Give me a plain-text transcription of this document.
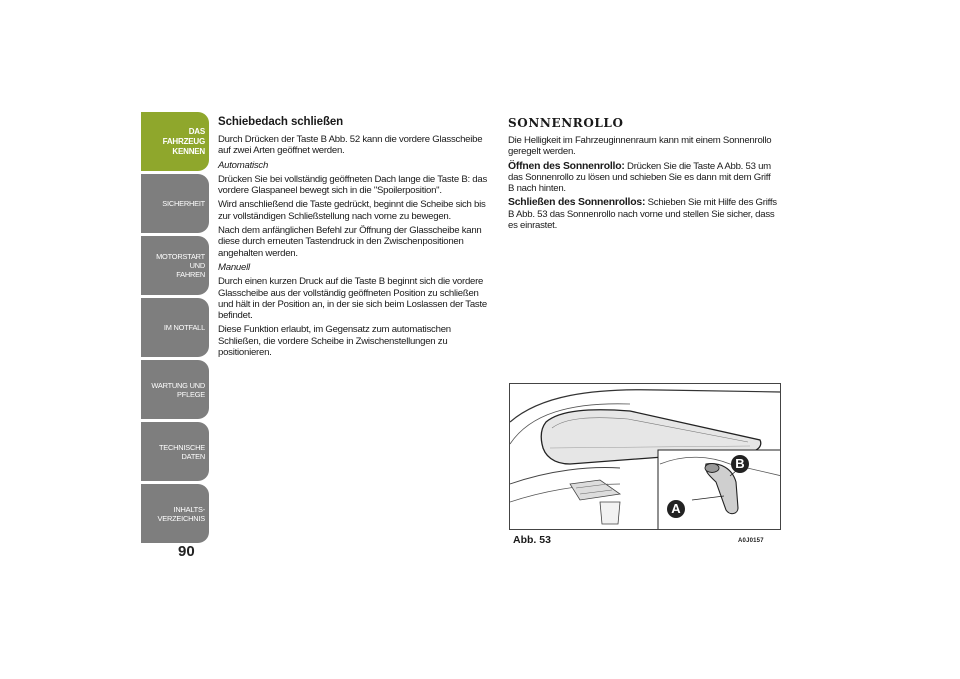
DAS FAHRZEUG
KENNEN
SICHERHEIT
MOTORSTART UND
FAHREN
IM NOTFALL
WARTUNG UND
PFLEGE
TECHNISCHE DATEN
INHALTS-
VERZEICHNIS
90
Schiebedach schließen

Durch Drücken der Taste B Abb. 52 kann die vordere Glasscheibe auf zwei Arten geöffnet werden.

Automatisch

Drücken Sie bei vollständig geöffneten Dach lange die Taste B: das vordere Glaspaneel bewegt sich in die "Spoilerposition".

Wird anschließend die Taste gedrückt, beginnt die Scheibe sich bis zur vollständigen Schließstellung nach vorne zu bewegen.

Nach dem anfänglichen Befehl zur Öffnung der Glasscheibe kann diese durch erneuten Tastendruck in den Zwischenpositionen angehalten werden.

Manuell

Durch einen kurzen Druck auf die Taste B beginnt sich die vordere Glasscheibe aus der vollständig geöffneten Position zu schließen und hält in der Position an, in der sie sich beim Loslassen der Taste befindet.

Diese Funktion erlaubt, im Gegensatz zum automatischen Schließen, die vordere Scheibe in Zwischenstellungen zu positionieren.

SONNENROLLO

Die Helligkeit im Fahrzeuginnenraum kann mit einem Sonnenrollo geregelt werden.

Öffnen des Sonnenrollo: Drücken Sie die Taste A Abb. 53 um das Sonnenrollo zu lösen und schieben Sie es dann mit dem Griff B nach hinten.

Schließen des Sonnenrollos: Schieben Sie mit Hilfe des Griffs B Abb. 53 das Sonnenrollo nach vorne und stellen Sie sicher, dass es einrastet.

B
A
Abb. 53	A0J0157
